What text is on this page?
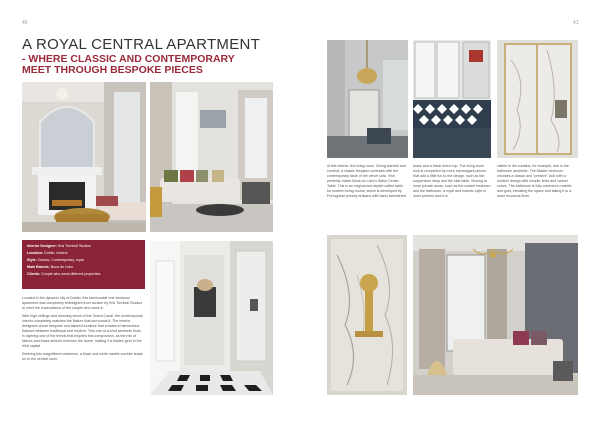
40	41
A ROYAL CENTRAL APARTMENT
- WHERE CLASSIC AND CONTEMPORARY
MEET THROUGH BESPOKE PIECES
Interior Designer: Kris Turnbull Studios
Location: Dublin, Ireland
Style: Classic, Contemporary, royal
Main Brands: Boca do Lobo
Clients: Couple who owns different properties

Located in the dynamic city of Dublin, this fashionable one-bedroom apartment was completely redesigned from scratch by Kris Turnbull Studios to meet the expectations of the couple who owns it.

With high ceilings and stunning views of the Grand Canal, the contemporary interior completely matches the Nature that surrounds it. The interior designers chose bespoke and tailored furniture that creates a harmonious balance between traditional and modern. This one-of-a-kind aesthetic finds in layering one of the trends that inspired this composition, as the mix of fabrics and brass artwork enriches the home, making it a hidden gem in the Irish capital.

Entering this magnificent residence, a black and white marble corridor leads on to the central room.

of this interior, the living room. Giving warmth and comfort, a classic fireplace contrasts with the contemporary taste of the velvet sofa. Visit perfectly match Boca do Lobo's Wave Center Table. This is an original and stylish coffee table for modern living rooms, which is developed by Portuguese jewelry artisans with hand-hammered
brass and a black mirror top. The living room look is completed by more extravagant pieces that add a little fun to the design, such as the suspension lamp and the side table. Moving to more private areas, such as the master bedroom and the bathroom, a royal and eclectic style is more present and it is
visible in the curtains, for example, and in the bathroom aesthetic. The Master bedroom chooses a classic and "present" look with a modern design with simpler lines and calmer colors. The bathroom is fully covered in marble and gold, elevating the space and taking it to a more luxurious level.
